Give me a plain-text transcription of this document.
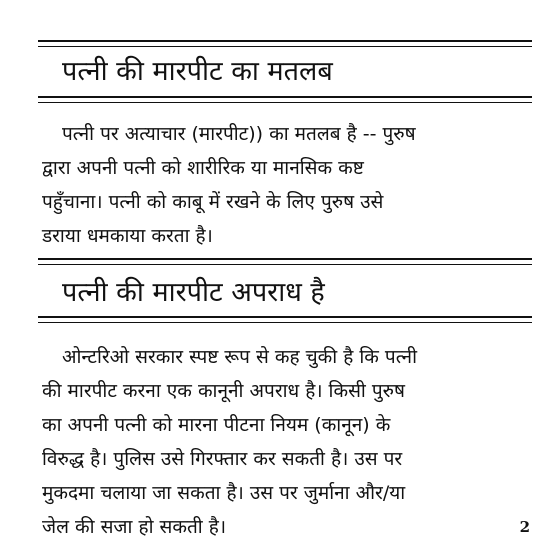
पत्नी की मारपीट का मतलब
पत्नी पर अत्याचार (मारपीट)) का मतलब है -- पुरुष
द्वारा अपनी पत्नी को शारीरिक या मानसिक कष्ट
पहुँचाना। पत्नी को काबू में रखने के लिए पुरुष उसे
डराया धमकाया करता है।
पत्नी की मारपीट अपराध है
ओन्टरिओ सरकार स्पष्ट रूप से कह चुकी है कि पत्नी
की मारपीट करना एक कानूनी अपराध है। किसी पुरुष
का अपनी पत्नी को मारना पीटना नियम (कानून) के
विरुद्ध है। पुलिस उसे गिरफ्तार कर सकती है। उस पर
मुकदमा चलाया जा सकता है। उस पर जुर्माना और/या
जेल की सजा हो सकती है।	2
